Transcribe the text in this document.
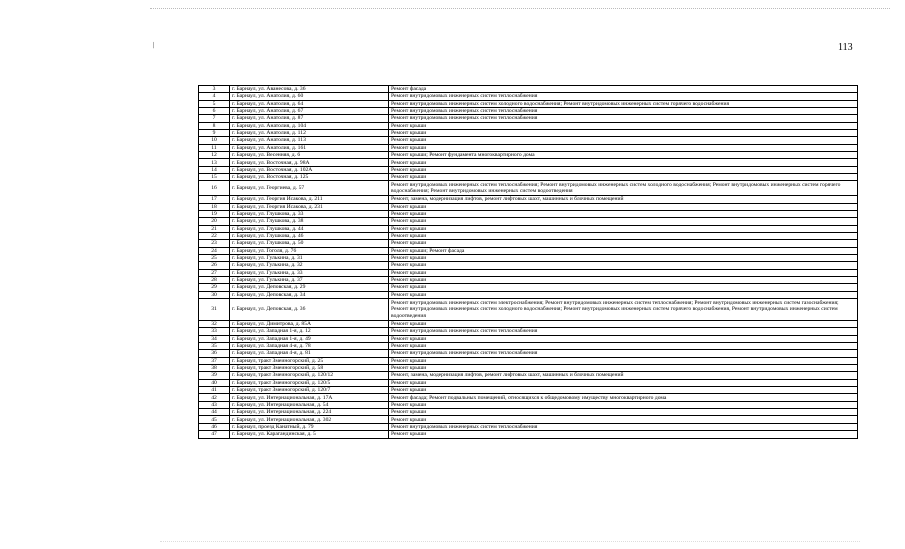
/	113
3	г. Барнаул, ул. Аванесова, д. 36	Ремонт фасада
4	г. Барнаул, ул. Анатолия, д. 60	Ремонт внутридомовых инженерных систем теплоснабжения
5	г. Барнаул, ул. Анатолия, д. 64	Ремонт внутридомовых инженерных систем холодного водоснабжения; Ремонт внутридомовых инженерных систем горячего водоснабжения
6	г. Барнаул, ул. Анатолия, д. 67	Ремонт внутридомовых инженерных систем теплоснабжения
7	г. Барнаул, ул. Анатолия, д. 87	Ремонт внутридомовых инженерных систем теплоснабжения
8	г. Барнаул, ул. Анатолия, д. 104	Ремонт крыши
9	г. Барнаул, ул. Анатолия, д. 112	Ремонт крыши
10	г. Барнаул, ул. Анатолия, д. 113	Ремонт крыши
11	г. Барнаул, ул. Анатолия, д. 161	Ремонт крыши
12	г. Барнаул, ул. Весенняя, д. 6	Ремонт крыши; Ремонт фундамента многоквартирного дома
13	г. Барнаул, ул. Восточная, д. 98А	Ремонт крыши
14	г. Барнаул, ул. Восточная, д. 102А	Ремонт крыши
15	г. Барнаул, ул. Восточная, д. 125	Ремонт крыши
16	г. Барнаул, ул. Георгиева, д. 57	Ремонт внутридомовых инженерных систем теплоснабжения; Ремонт внутридомовых инженерных систем холодного водоснабжения; Ремонт внутридомовых инженерных систем горячего водоснабжения; Ремонт внутридомовых инженерных систем водоотведения
17	г. Барнаул, ул. Георгия Исакова, д. 211	Ремонт, замена, модернизация лифтов, ремонт лифтовых шахт, машинных и блочных помещений
18	г. Барнаул, ул. Георгия Исакова, д. 231	Ремонт крыши
19	г. Барнаул, ул. Глушкова, д. 33	Ремонт крыши
20	г. Барнаул, ул. Глушкова, д. 38	Ремонт крыши
21	г. Барнаул, ул. Глушкова, д. 44	Ремонт крыши
22	г. Барнаул, ул. Глушкова, д. 46	Ремонт крыши
23	г. Барнаул, ул. Глушкова, д. 50	Ремонт крыши
24	г. Барнаул, ул. Гоголя, д. 76	Ремонт крыши; Ремонт фасада
25	г. Барнаул, ул. Гулькина, д. 31	Ремонт крыши
26	г. Барнаул, ул. Гулькина, д. 32	Ремонт крыши
27	г. Барнаул, ул. Гулькина, д. 33	Ремонт крыши
28	г. Барнаул, ул. Гулькина, д. 37	Ремонт крыши
29	г. Барнаул, ул. Деповская, д. 29	Ремонт крыши
30	г. Барнаул, ул. Деповская, д. 34	Ремонт крыши
31	г. Барнаул, ул. Деповская, д. 36	Ремонт внутридомовых инженерных систем электроснабжения; Ремонт внутридомовых инженерных систем теплоснабжения; Ремонт внутридомовых инженерных систем газоснабжения; Ремонт внутридомовых инженерных систем холодного водоснабжения; Ремонт внутридомовых инженерных систем горячего водоснабжения, Ремонт внутридомовых инженерных систем водоотведения
32	г. Барнаул, ул. Димитрова, д. 85А	Ремонт крыши
33	г. Барнаул, ул. Западная 1-я, д. 12	Ремонт внутридомовых инженерных систем теплоснабжения
34	г. Барнаул, ул. Западная 1-я, д. 49	Ремонт крыши
35	г. Барнаул, ул. Западная 4-я, д. 78	Ремонт крыши
36	г. Барнаул, ул. Западная 4-я, д. 81	Ремонт внутридомовых инженерных систем теплоснабжения
37	г. Барнаул, тракт Змеиногорский, д. 25	Ремонт крыши
38	г. Барнаул, тракт Змеиногорский, д. 58	Ремонт крыши
39	г. Барнаул, тракт Змеиногорский, д. 120/12	Ремонт, замена, модернизация лифтов, ремонт лифтовых шахт, машинных и блочных помещений
40	г. Барнаул, тракт Змеиногорский, д. 120/5	Ремонт крыши
41	г. Барнаул, тракт Змеиногорский, д. 120/7	Ремонт крыши
42	г. Барнаул, ул. Интернациональная, д. 17А	Ремонт фасада; Ремонт подвальных помещений, относящихся к общедомовому имуществу многоквартирного дома
43	г. Барнаул, ул. Интернациональная, д. 54	Ремонт крыши
44	г. Барнаул, ул. Интернациональная, д. 224	Ремонт крыши
45	г. Барнаул, ул. Интернациональная, д. 302	Ремонт крыши
46	г. Барнаул, проезд Канатный, д. 79	Ремонт внутридомовых инженерных систем теплоснабжения
47	г. Барнаул, ул. Карагандинская, д. 5	Ремонт крыши
